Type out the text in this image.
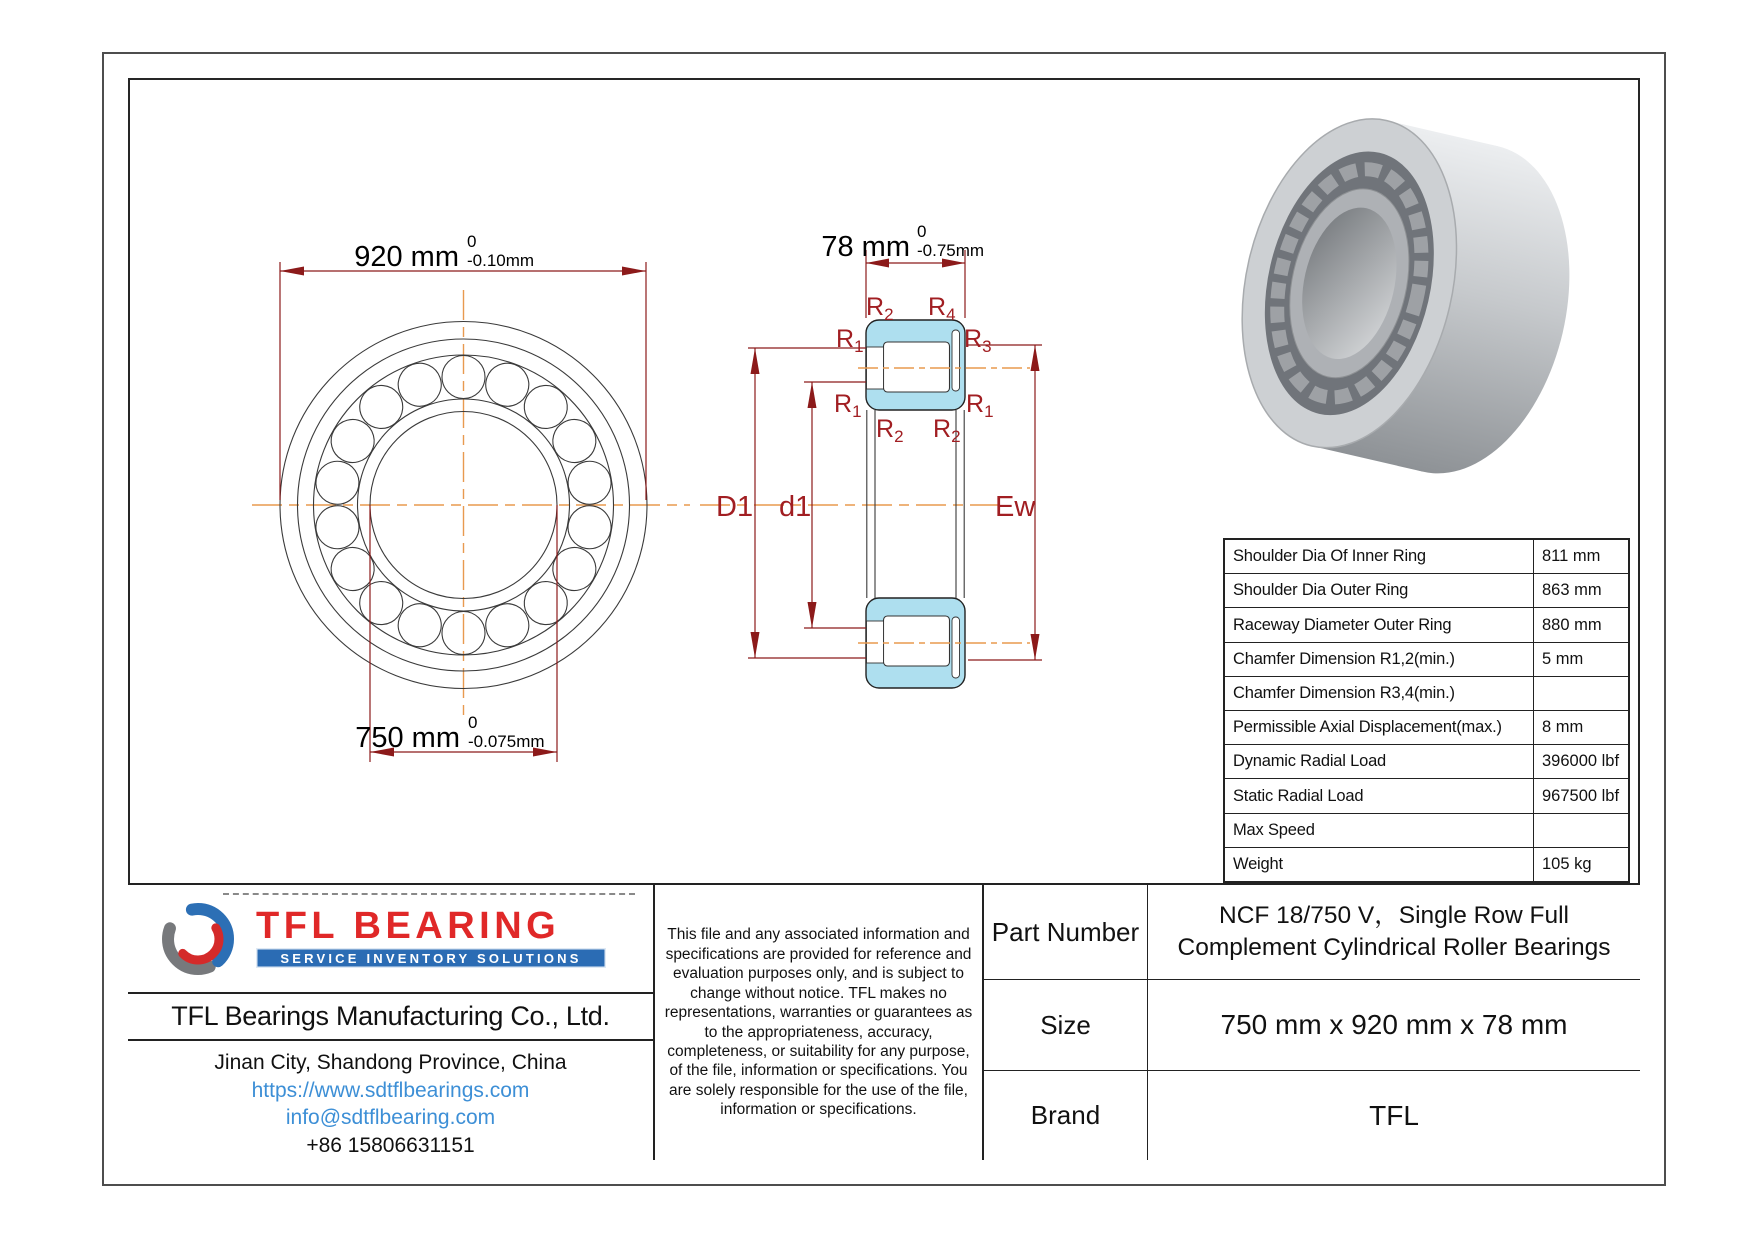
920 mm 0
-0.10mm
750 mm 0
-0.075mm
78 mm 0
-0.75mm
D1 d1	Ew
$R_2$ $R_4$
$R_1$	$R_3$
$R_1$	$R_1$
$R_2$ $R_2$
Shoulder Dia Of Inner Ring	811 mm
Shoulder Dia Outer Ring	863 mm
Raceway Diameter Outer Ring	880 mm
Chamfer Dimension R1,2(min.)	5 mm
Chamfer Dimension R3,4(min.)
Permissible Axial Displacement(max.)	8 mm
Dynamic Radial Load	396000 lbf
Static Radial Load	967500 lbf
Max Speed
Weight	105 kg
TFL BEARING
SERVICE INVENTORY SOLUTIONS
TFL Bearings Manufacturing Co., Ltd.
Jinan City, Shandong Province, China
https://www.sdtflbearings.com
info@sdtflbearing.com
+86 15806631151
This file and any associated information and specifications are provided for reference and evaluation purposes only, and is subject to change without notice. TFL makes no representations, warranties or guarantees as to the appropriateness, accuracy, completeness, or suitability for any purpose, of the file, information or specifications. You are solely responsible for the use of the file, information or specifications.
Part Number
NCF 18/750 V，Single Row Full Complement Cylindrical Roller Bearings
Size	750 mm x 920 mm x 78 mm
Brand	TFL
